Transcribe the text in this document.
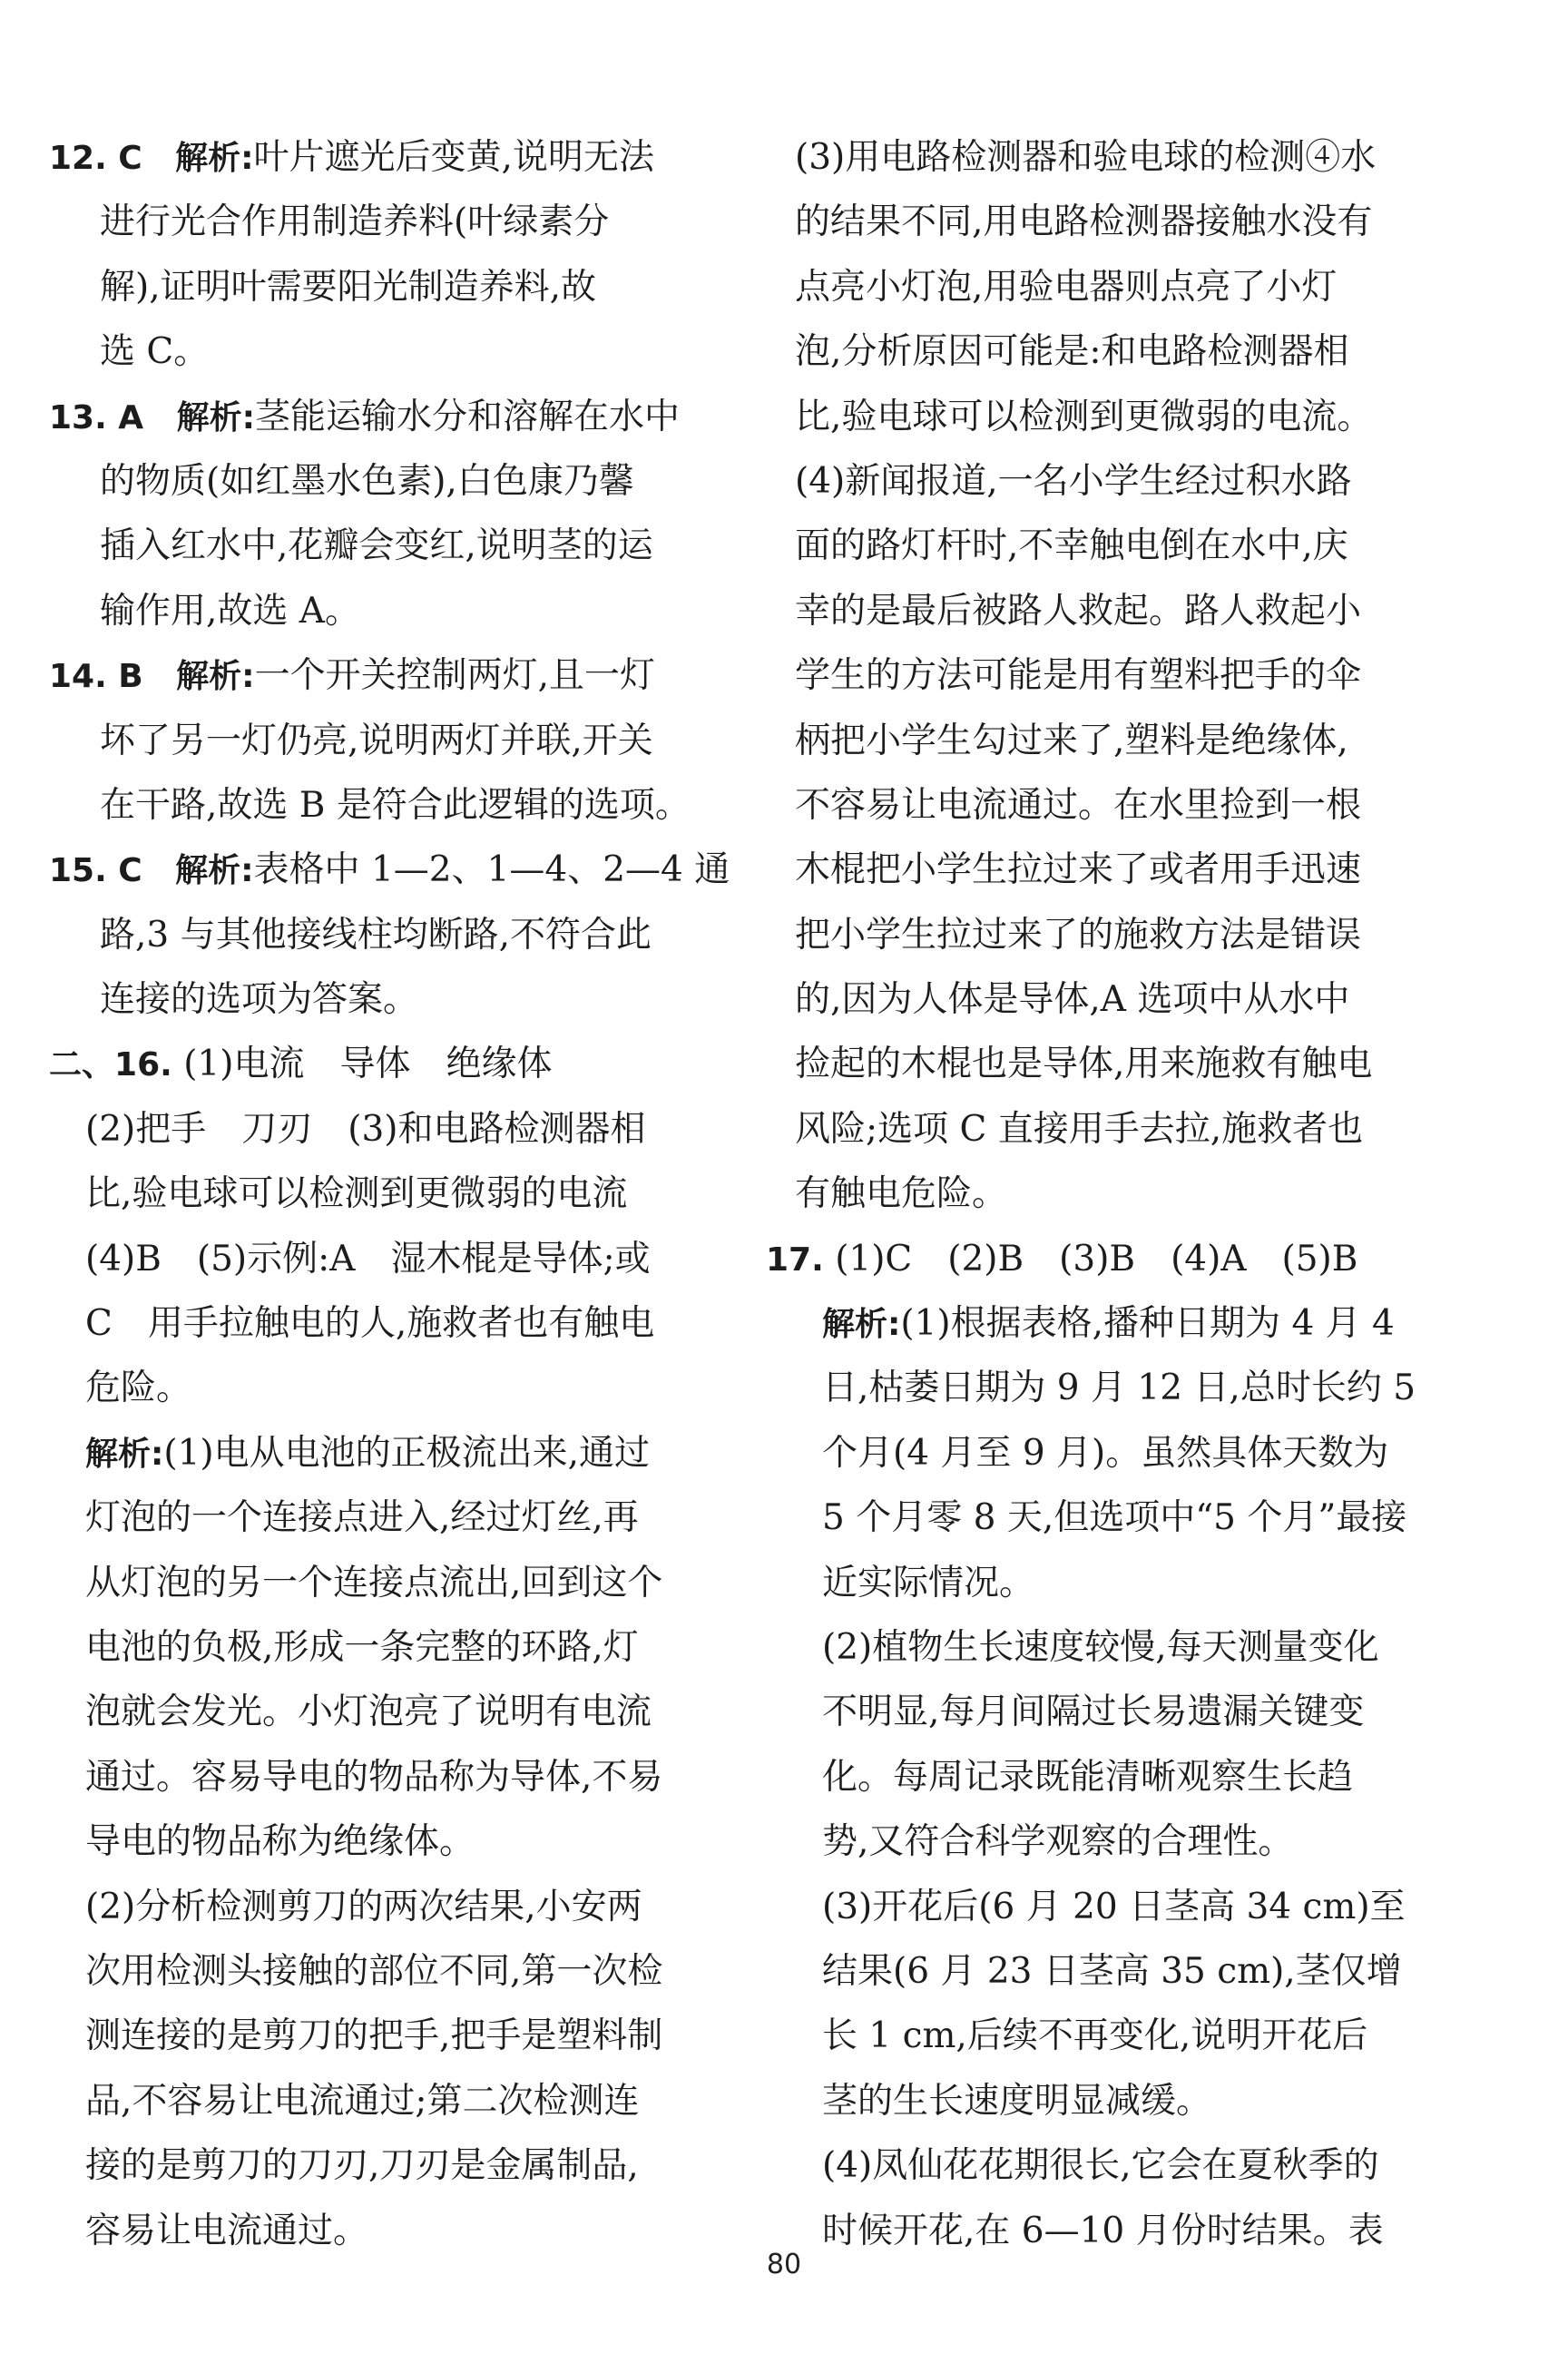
12. C 解析:叶片遮光后变黄,说明无法
进行光合作用制造养料(叶绿素分
解),证明叶需要阳光制造养料,故
选 C。
13. A 解析:茎能运输水分和溶解在水中
的物质(如红墨水色素),白色康乃馨
插入红水中,花瓣会变红,说明茎的运
输作用,故选 A。
14. B 解析:一个开关控制两灯,且一灯
坏了另一灯仍亮,说明两灯并联,开关
在干路,故选 B 是符合此逻辑的选项。
15. C 解析:表格中 1—2、1—4、2—4 通
路,3 与其他接线柱均断路,不符合此
连接的选项为答案。
二、16. (1)电流　导体　绝缘体
(2)把手　刀刃　(3)和电路检测器相
比,验电球可以检测到更微弱的电流
(4)B　(5)示例:A　湿木棍是导体;或
C　用手拉触电的人,施救者也有触电
危险。
解析:(1)电从电池的正极流出来,通过
灯泡的一个连接点进入,经过灯丝,再
从灯泡的另一个连接点流出,回到这个
电池的负极,形成一条完整的环路,灯
泡就会发光。小灯泡亮了说明有电流
通过。容易导电的物品称为导体,不易
导电的物品称为绝缘体。
(2)分析检测剪刀的两次结果,小安两
次用检测头接触的部位不同,第一次检
测连接的是剪刀的把手,把手是塑料制
品,不容易让电流通过;第二次检测连
接的是剪刀的刀刃,刀刃是金属制品,
容易让电流通过。
(3)用电路检测器和验电球的检测④水
的结果不同,用电路检测器接触水没有
点亮小灯泡,用验电器则点亮了小灯
泡,分析原因可能是:和电路检测器相
比,验电球可以检测到更微弱的电流。
(4)新闻报道,一名小学生经过积水路
面的路灯杆时,不幸触电倒在水中,庆
幸的是最后被路人救起。路人救起小
学生的方法可能是用有塑料把手的伞
柄把小学生勾过来了,塑料是绝缘体,
不容易让电流通过。在水里捡到一根
木棍把小学生拉过来了或者用手迅速
把小学生拉过来了的施救方法是错误
的,因为人体是导体,A 选项中从水中
捡起的木棍也是导体,用来施救有触电
风险;选项 C 直接用手去拉,施救者也
有触电危险。
17. (1)C　(2)B　(3)B　(4)A　(5)B
解析:(1)根据表格,播种日期为 4 月 4
日,枯萎日期为 9 月 12 日,总时长约 5
个月(4 月至 9 月)。虽然具体天数为
5 个月零 8 天,但选项中“5 个月”最接
近实际情况。
(2)植物生长速度较慢,每天测量变化
不明显,每月间隔过长易遗漏关键变
化。每周记录既能清晰观察生长趋
势,又符合科学观察的合理性。
(3)开花后(6 月 20 日茎高 34 cm)至
结果(6 月 23 日茎高 35 cm),茎仅增
长 1 cm,后续不再变化,说明开花后
茎的生长速度明显减缓。
(4)凤仙花花期很长,它会在夏秋季的
时候开花,在 6—10 月份时结果。表
80
